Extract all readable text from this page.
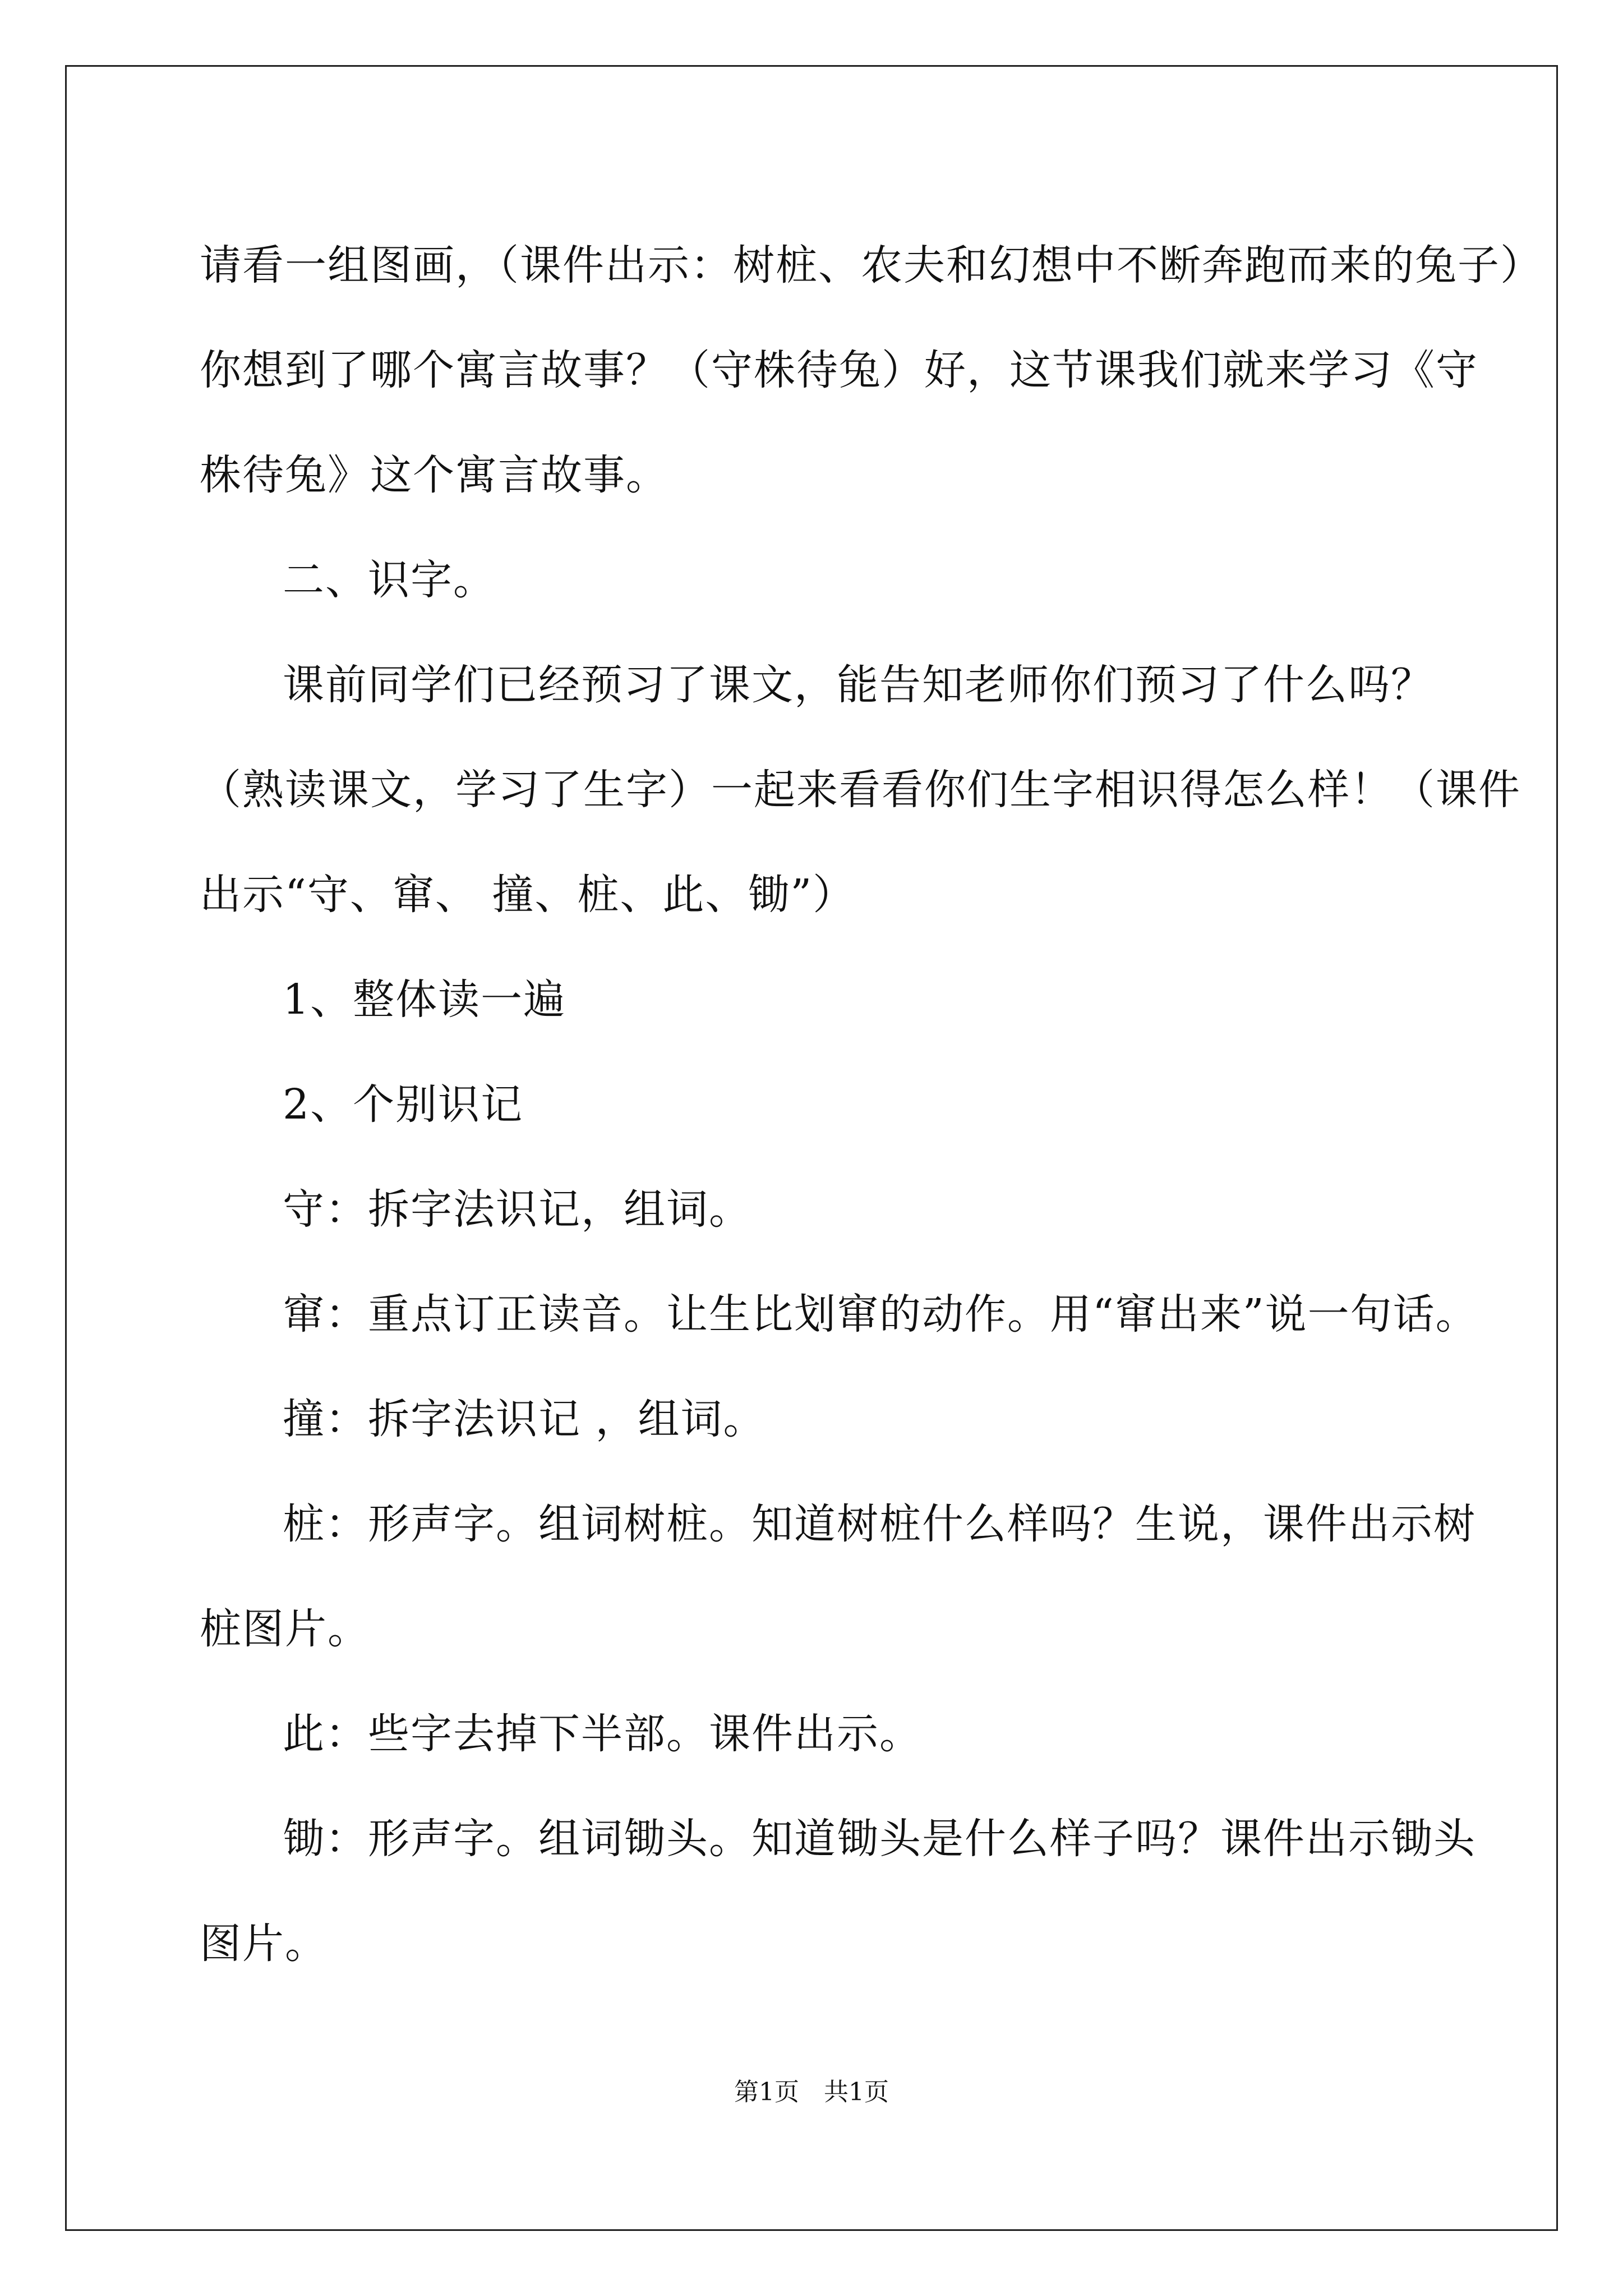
请看一组图画，（课件出示：树桩、农夫和幻想中不断奔跑而来的兔子）
你想到了哪个寓言故事？（守株待兔）好，这节课我们就来学习《守
株待兔》这个寓言故事。
二、识字。
课前同学们已经预习了课文，能告知老师你们预习了什么吗？
（熟读课文，学习了生字）一起来看看你们生字相识得怎么样！（课件
出示“守、窜、 撞、桩、此、锄”）
1、整体读一遍
2、个别识记
守：拆字法识记，组词。
窜：重点订正读音。让生比划窜的动作。用“窜出来”说一句话。
撞：拆字法识记 ，组词。
桩：形声字。组词树桩。知道树桩什么样吗？生说，课件出示树
桩图片。
此：些字去掉下半部。课件出示。
锄：形声字。组词锄头。知道锄头是什么样子吗？课件出示锄头
图片。
第1页　共1页
